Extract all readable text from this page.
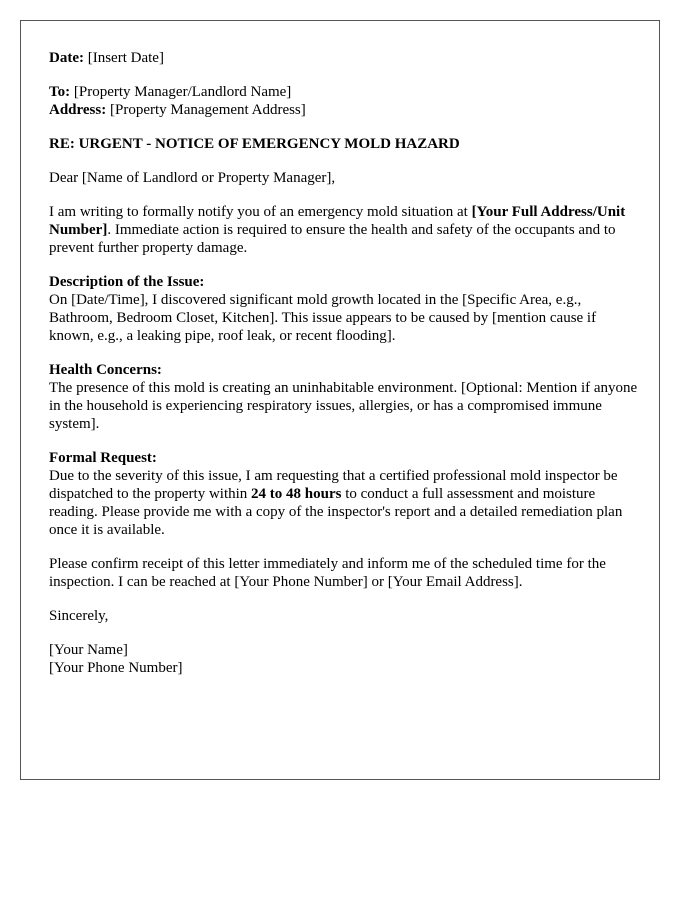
Date: [Insert Date]

To: [Property Manager/Landlord Name]
Address: [Property Management Address]

RE: URGENT - NOTICE OF EMERGENCY MOLD HAZARD

Dear [Name of Landlord or Property Manager],

I am writing to formally notify you of an emergency mold situation at [Your Full Address/Unit Number]. Immediate action is required to ensure the health and safety of the occupants and to prevent further property damage.

Description of the Issue:
On [Date/Time], I discovered significant mold growth located in the [Specific Area, e.g., Bathroom, Bedroom Closet, Kitchen]. This issue appears to be caused by [mention cause if known, e.g., a leaking pipe, roof leak, or recent flooding].

Health Concerns:
The presence of this mold is creating an uninhabitable environment. [Optional: Mention if anyone in the household is experiencing respiratory issues, allergies, or has a compromised immune system].

Formal Request:
Due to the severity of this issue, I am requesting that a certified professional mold inspector be dispatched to the property within 24 to 48 hours to conduct a full assessment and moisture reading. Please provide me with a copy of the inspector's report and a detailed remediation plan once it is available.

Please confirm receipt of this letter immediately and inform me of the scheduled time for the inspection. I can be reached at [Your Phone Number] or [Your Email Address].

Sincerely,

[Your Name]
[Your Phone Number]
